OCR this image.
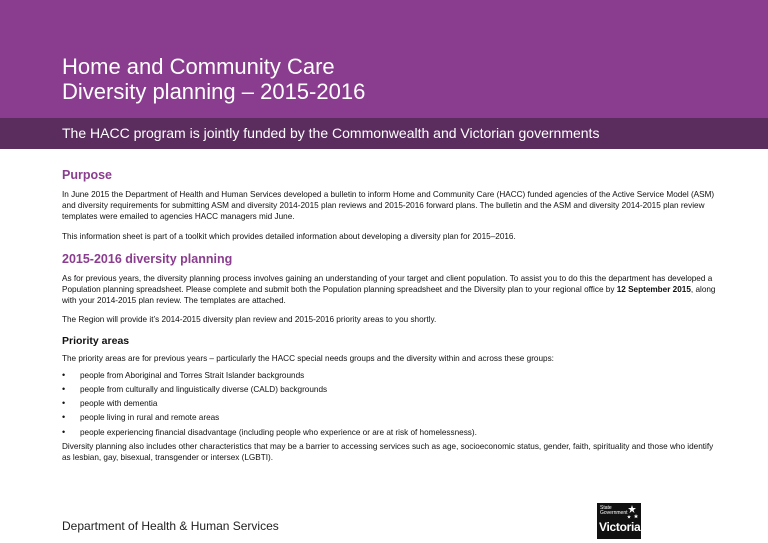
Home and Community Care
Diversity planning – 2015-2016
The HACC program is jointly funded by the Commonwealth and Victorian governments
Purpose

In June 2015 the Department of Health and Human Services developed a bulletin to inform Home and Community Care (HACC) funded agencies of the Active Service Model (ASM) and diversity requirements for submitting ASM and diversity 2014-2015 plan reviews and 2015-2016 forward plans. The bulletin and the ASM and diversity 2014-2015 plan review templates were emailed to agencies HACC managers mid June.

This information sheet is part of a toolkit which provides detailed information about developing a diversity plan for 2015–2016.

2015-2016 diversity planning

As for previous years, the diversity planning process involves gaining an understanding of your target and client population. To assist you to do this the department has developed a Population planning spreadsheet. Please complete and submit both the Population planning spreadsheet and the Diversity plan to your regional office by 12 September 2015, along with your 2014-2015 plan review. The templates are attached.

The Region will provide it’s 2014-2015 diversity plan review and 2015-2016 priority areas to you shortly.

Priority areas

The priority areas are for previous years – particularly the HACC special needs groups and the diversity within and across these groups:

• people from Aboriginal and Torres Strait Islander backgrounds
• people from culturally and linguistically diverse (CALD) backgrounds
• people with dementia
• people living in rural and remote areas
• people experiencing financial disadvantage (including people who experience or are at risk of homelessness).

Diversity planning also includes other characteristics that may be a barrier to accessing services such as age, socioeconomic status, gender, faith, spirituality and those who identify as lesbian, gay, bisexual, transgender or intersex (LGBTI).

Department of Health & Human Services
State
Government
Victoria
